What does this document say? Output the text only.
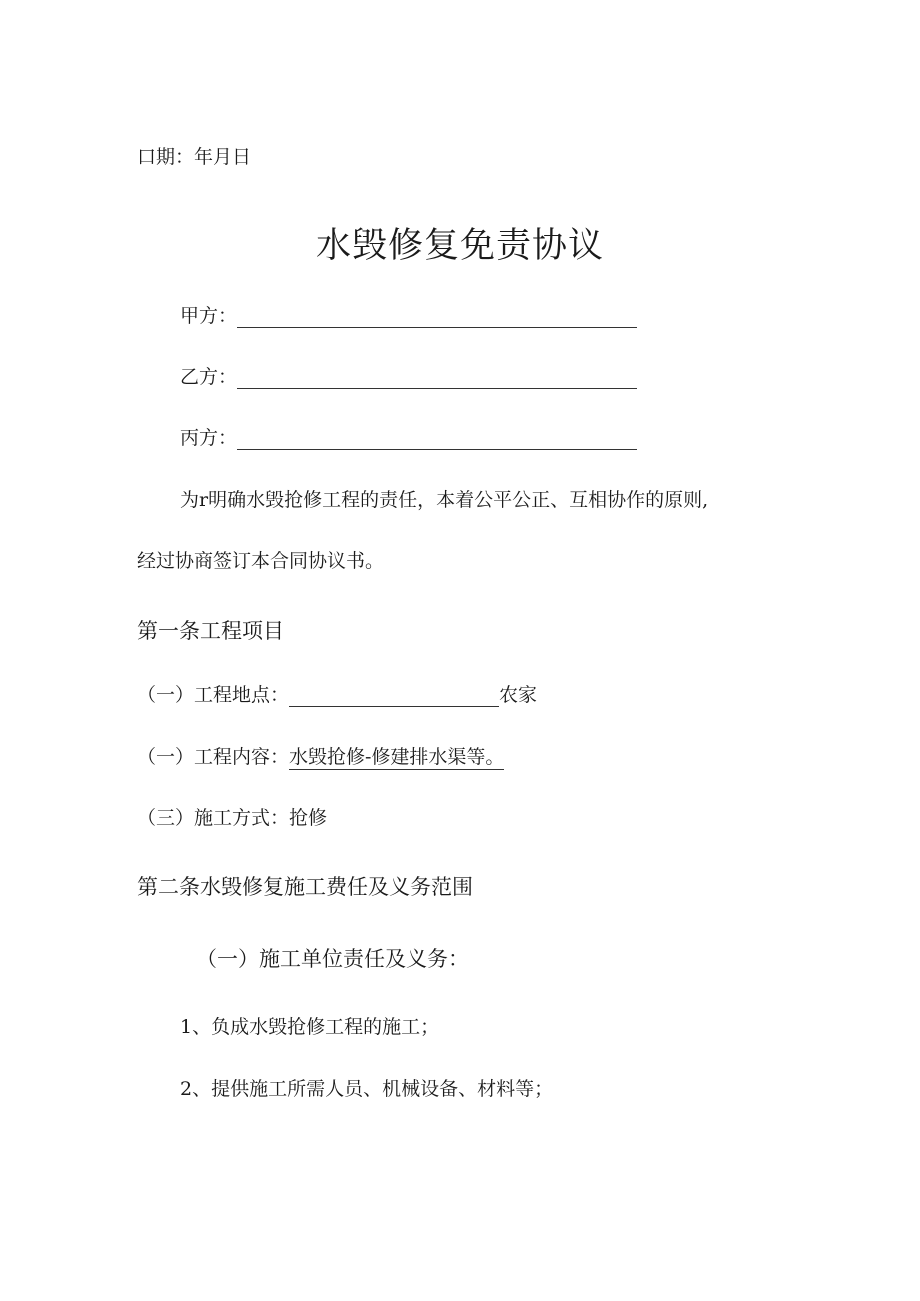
口期：年月日
水毁修复免责协议
甲方：
乙方：
丙方：
为r明确水毁抢修工程的责任，本着公平公正、互相协作的原则,
经过协商签订本合同协议书。
第一条工程项目
（一）工程地点：	农家
（一）工程内容：水毁抢修-修建排水渠等。
（三）施工方式：抢修
第二条水毁修复施工费任及义务范围
（一）施工单位责任及义务：
1、负成水毁抢修工程的施工；
2、提供施工所需人员、机械设备、材料等；
